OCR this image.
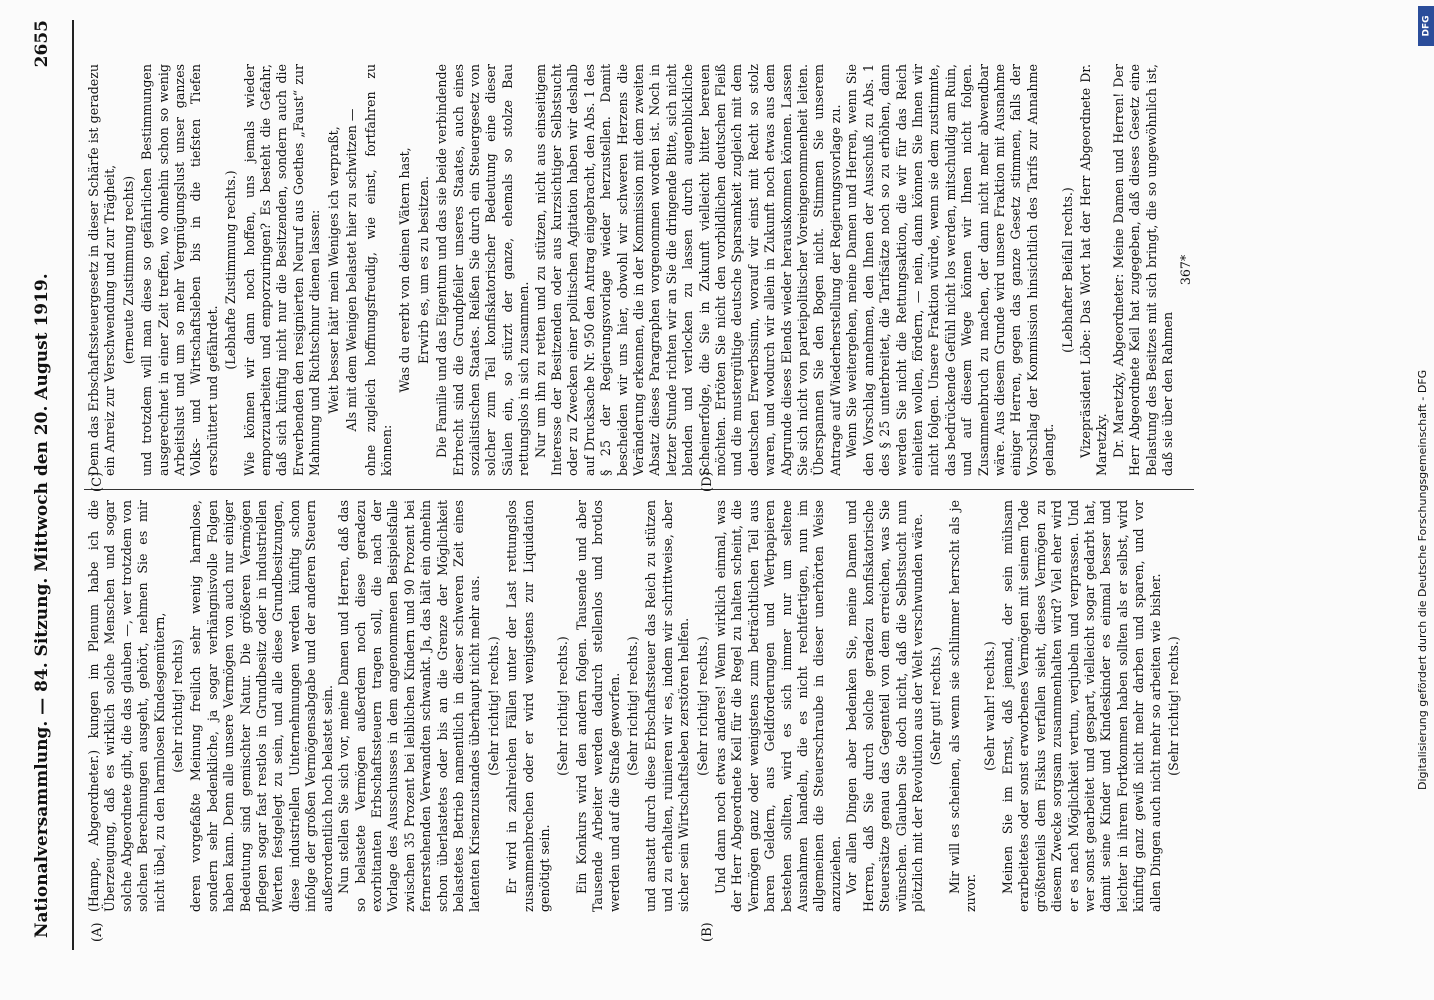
Nationalversammlung. — 84. Sitzung. Mittwoch den 20. August 1919.
2655
(A)	(B)

(Hampe, Abgeordneter.) kungen im Plenum habe ich die Überzeugung, daß es wirklich solche Menschen und sogar solche Abgeordnete gibt, die das glauben —, wer trotzdem von solchen Berechnungen ausgeht, gehört, nehmen Sie es mir nicht übel, zu den harmlosen Kindesgemütern, (sehr richtig! rechts) deren vorgefaßte Meinung freilich sehr wenig harmlose, sondern sehr bedenkliche, ja sogar verhängnisvolle Folgen haben kann. Denn alle unsere Vermögen von auch nur einiger Bedeutung sind gemischter Natur. Die größeren Vermögen pflegen sogar fast restlos in Grundbesitz oder in industriellen Werten festgelegt zu sein, und alle diese Grundbesitzungen, diese industriellen Unternehmungen werden künftig schon infolge der großen Vermögensabgabe und der anderen Steuern außerordentlich hoch belastet sein. Nun stellen Sie sich vor, meine Damen und Herren, daß das so belastete Vermögen außerdem noch diese geradezu exorbitanten Erbschaftssteuern tragen soll, die nach der Vorlage des Ausschusses in dem angenommenen Beispielsfalle zwischen 35 Prozent bei leiblichen Kindern und 90 Prozent bei fernerstehenden Verwandten schwankt. Ja, das hält ein ohnehin schon überlastetes oder bis an die Grenze der Möglichkeit belastetes Betrieb namentlich in dieser schweren Zeit eines latenten Krisenzustandes überhaupt nicht mehr aus. (Sehr richtig! rechts.) Er wird in zahlreichen Fällen unter der Last rettungslos zusammenbrechen oder er wird wenigstens zur Liquidation genötigt sein.

(Sehr richtig! rechts.) Ein Konkurs wird den andern folgen. Tausende und aber Tausende Arbeiter werden dadurch stellenlos und brotlos werden und auf die Straße geworfen. (Sehr richtig! rechts.) und anstatt durch diese Erbschaftssteuer das Reich zu stützen und zu erhalten, ruinieren wir es, indem wir schrittweise, aber sicher sein Wirtschaftsleben zerstören helfen. (Sehr richtig! rechts.) Und dann noch etwas anderes! Wenn wirklich einmal, was der Herr Abgeordnete Keil für die Regel zu halten scheint, die Vermögen ganz oder wenigstens zum beträchtlichen Teil aus baren Geldern, aus Geldforderungen und Wertpapieren bestehen sollten, wird es sich immer nur um seltene Ausnahmen handeln, die es nicht rechtfertigen, nun im allgemeinen die Steuerschraube in dieser unerhörten Weise anzuziehen. Vor allen Dingen aber bedenken Sie, meine Damen und Herren, daß Sie durch solche geradezu konfiskatorische Steuersätze genau das Gegenteil von dem erreichen, was Sie wünschen. Glauben Sie doch nicht, daß die Selbstsucht nun plötzlich mit der Revolution aus der Welt verschwunden wäre. (Sehr gut! rechts.) Mir will es scheinen, als wenn sie schlimmer herrscht als je zuvor.

(Sehr wahr! rechts.) Meinen Sie im Ernst, daß jemand, der sein mühsam erarbeitetes oder sonst erworbenes Vermögen mit seinem Tode größtenteils dem Fiskus verfallen sieht, dieses Vermögen zu diesem Zwecke sorgsam zusammenhalten wird? Viel eher wird er es nach Möglichkeit vertun, verjubeln und verprassen. Und wer sonst gearbeitet und gespart, vielleicht sogar gedarbt hat, damit seine Kinder und Kindeskinder es einmal besser und leichter in ihrem Fortkommen haben sollten als er selbst, wird künftig ganz gewiß nicht mehr darben und sparen, und vor allen Dingen auch nicht mehr so arbeiten wie bisher. (Sehr richtig! rechts.)

Denn das Erbschaftssteuergesetz in dieser Schärfe ist geradezu ein Anreiz zur Verschwendung und zur Trägheit, (erneute Zustimmung rechts) und trotzdem will man diese so gefährlichen Bestimmungen ausgerechnet in einer Zeit treffen, wo ohnehin schon so wenig Arbeitslust und um so mehr Vergnügungslust unser ganzes Volks- und Wirtschaftsleben bis in die tiefsten Tiefen erschüttert und gefährdet.

(Lebhafte Zustimmung rechts.) Wie können wir dann noch hoffen, uns jemals wieder emporzuarbeiten und emporzuringen? Es besteht die Gefahr, daß sich künftig nicht nur die Besitzenden, sondern auch die Erwerbenden den resignierten Neuruf aus Goethes „Faust“ zur Mahnung und Richtschnur dienen lassen: Weit besser hätt' mein Weniges ich verpraßt, Als mit dem Wenigen belastet hier zu schwitzen — ohne zugleich hoffnungsfreudig, wie einst, fortfahren zu können:

Was du ererbt von deinen Vätern hast, Erwirb es, um es zu besitzen. Die Familie und das Eigentum und das sie beide verbindende Erbrecht sind die Grundpfeiler unseres Staates, auch eines sozialistischen Staates. Reißen Sie durch ein Steuergesetz von solcher zum Teil konfiskatorischer Bedeutung eine dieser Säulen ein, so stürzt der ganze, ehemals so stolze Bau rettungslos in sich zusammen. Nur um ihn zu retten und zu stützen, nicht aus einseitigem Interesse der Besitzenden oder aus kurzsichtiger Selbstsucht oder zu Zwecken einer politischen Agitation haben wir deshalb auf Drucksache Nr. 950 den Antrag eingebracht, den Abs. 1 des § 25 der Regierungsvorlage wieder herzustellen. Damit bescheiden wir uns hier, obwohl wir schweren Herzens die Veränderung erkennen, die in der Kommission mit dem zweiten Absatz dieses Paragraphen vorgenommen worden ist. Noch in letzter Stunde richten wir an Sie die dringende Bitte, sich nicht blenden und verlocken zu lassen durch augenblickliche Scheinerfolge, die Sie in Zukunft vielleicht bitter bereuen möchten. Ertöten Sie nicht den vorbildlichen deutschen Fleiß und die mustergültige deutsche Sparsamkeit zugleich mit dem deutschen Erwerbssinn, worauf wir einst mit Recht so stolz waren, und wodurch wir allein in Zukunft noch etwas aus dem Abgrunde dieses Elends wieder herauskommen können. Lassen Sie sich nicht von parteipolitischer Voreingenommenheit leiten. Überspannen Sie den Bogen nicht. Stimmen Sie unserem Antrage auf Wiederherstellung der Regierungsvorlage zu. Wenn Sie weitergehen, meine Damen und Herren, wenn Sie den Vorschlag annehmen, den Ihnen der Ausschuß zu Abs. 1 des § 25 unterbreitet, die Tarifsätze noch so zu erhöhen, dann werden Sie nicht die Rettungsaktion, die wir für das Reich einleiten wollen, fördern, — nein, dann können Sie Ihnen wir nicht folgen. Unsere Fraktion würde, wenn sie dem zustimmte, das bedrückende Gefühl nicht los werden, mitschuldig am Ruin, und auf diesem Wege können wir Ihnen nicht folgen. Zusammenbruch zu machen, der dann nicht mehr abwendbar wäre. Aus diesem Grunde wird unsere Fraktion mit Ausnahme einiger Herren, gegen das ganze Gesetz stimmen, falls der Vorschlag der Kommission hinsichtlich des Tarifs zur Annahme gelangt.

(Lebhafter Beifall rechts.) Vizepräsident Löbe: Das Wort hat der Herr Abgeordnete Dr. Maretzky. Dr. Maretzky, Abgeordneter: Meine Damen und Herren! Der Herr Abgeordnete Keil hat zugegeben, daß dieses Gesetz eine Belastung des Besitzes mit sich bringt, die so ungewöhnlich ist, daß sie über den Rahmen

367*

(C)	(D)
DFG
Digitalisierung gefördert durch die Deutsche Forschungsgemeinschaft - DFG
